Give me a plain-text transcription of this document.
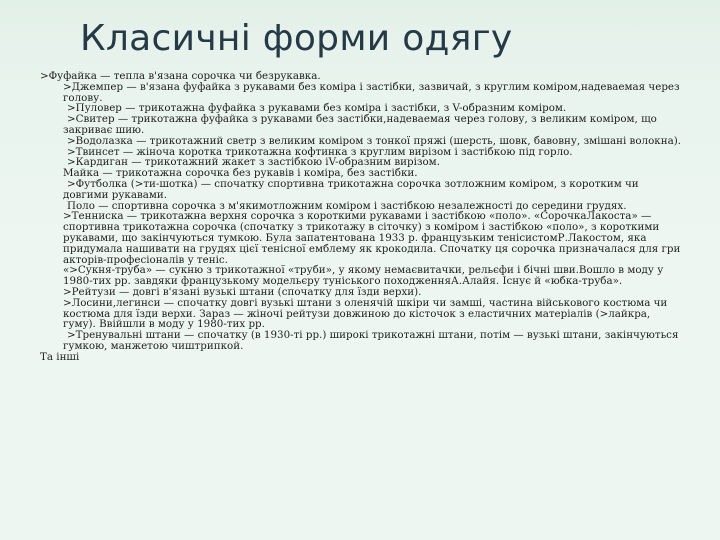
Класичні форми одягу

>Фуфайка — тепла в'язана сорочка чи безрукавка.

>Джемпер — в'язана фуфайка з рукавами без коміра і застібки, зазвичай, з круглим коміром,надеваемая через голову.

>Пуловер — трикотажна фуфайка з рукавами без коміра і застібки, з V-образним коміром.

>Свитер — трикотажна фуфайка з рукавами без застібки,надеваемая через голову, з великим коміром, що закриває шию.

>Водолазка — трикотажний светр з великим коміром з тонкої пряжі (шерсть, шовк, бавовну, змішані волокна).

>Твинсет — жіноча коротка трикотажна кофтинка з круглим вирізом і застібкою під горло.

>Кардиган — трикотажний жакет з застібкою іV-образним вирізом.

Майка — трикотажна сорочка без рукавів і коміра, без застібки.

>Футболка (>ти-шотка) — спочатку спортивна трикотажна сорочка зотложним коміром, з коротким чи довгими рукавами.

Поло — спортивна сорочка з м'якимотложним коміром і застібкою незалежності до середини грудях.

>Тенниска — трикотажна верхня сорочка з короткими рукавами і застібкою «поло». «СорочкаЛакоста» — спортивна трикотажна сорочка (спочатку з трикотажу в сіточку) з коміром і застібкою «поло», з короткими рукавами, що закінчуються тумкою. Була запатентована 1933 р. французьким тенісистомР.Лакостом, яка придумала нашивати на грудях цієї тенісної емблему як крокодила. Спочатку ця сорочка призначалася для гри акторів-професіоналів у теніс.

«>Сукня-труба» — сукню з трикотажної «труби», у якому немаєвитачки, рельєфи і бічні шви.Вошло в моду у 1980-тих рр. завдяки французькому модельєру туніського походженняА.Алайя. Існує й «юбка-труба».

>Рейтузи — довгі в'язані вузькі штани (спочатку для їзди верхи).

>Лосини,легинси — спочатку довгі вузькі штани з оленячій шкіри чи замші, частина військового костюма чи костюма для їзди верхи. Зараз — жіночі рейтузи довжиною до кісточок з еластичних матеріалів (>лайкра, гуму). Ввійшли в моду у 1980-тих рр.

>Тренувальні штани — спочатку (в 1930-ті рр.) широкі трикотажні штани, потім — вузькі штани, закінчуються гумкою, манжетою чиштрипкой.

Та інші
